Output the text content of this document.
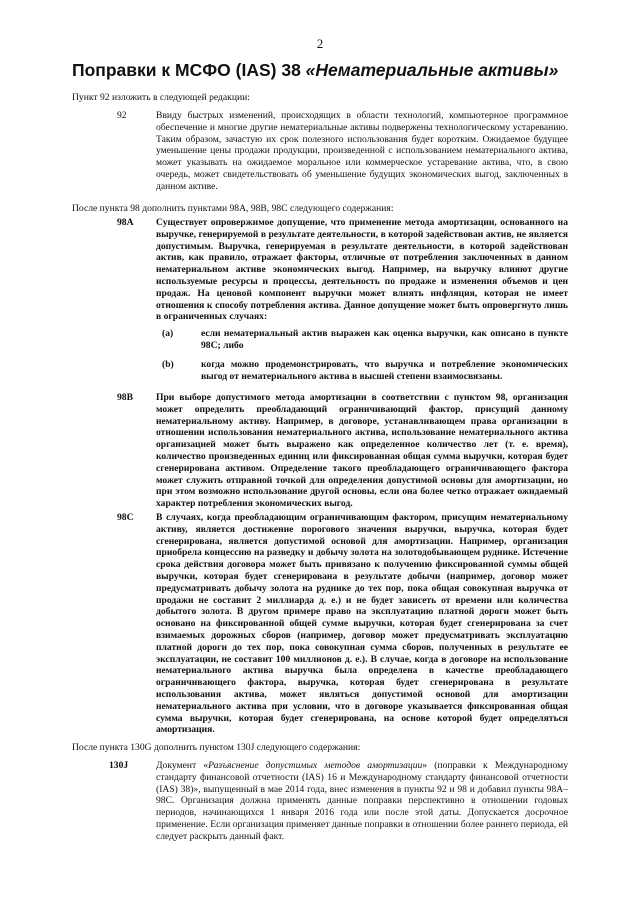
2
Поправки к МСФО (IAS) 38 «Нематериальные активы»
Пункт 92 изложить в следующей редакции:
92	Ввиду быстрых изменений, происходящих в области технологий, компьютерное программное обеспечение и многие другие нематериальные активы подвержены технологическому устареванию. Таким образом, зачастую их срок полезного использования будет коротким. Ожидаемое будущее уменьшение цены продажи продукции, произведенной с использованием нематериального актива, может указывать на ожидаемое моральное или коммерческое устаревание актива, что, в свою очередь, может свидетельствовать об уменьшение будущих экономических выгод, заключенных в данном активе.
После пункта 98 дополнить пунктами 98A, 98B, 98C следующего содержания:
98A Существует опровержимое допущение, что применение метода амортизации, основанного на выручке, генерируемой в результате деятельности, в которой задействован актив, не является допустимым. Выручка, генерируемая в результате деятельности, в которой задействован актив, как правило, отражает факторы, отличные от потребления заключенных в данном нематериальном активе экономических выгод. Например, на выручку влияют другие используемые ресурсы и процессы, деятельность по продаже и изменения объемов и цен продаж. На ценовой компонент выручки может влиять инфляция, которая не имеет отношения к способу потребления актива. Данное допущение может быть опровергнуто лишь в ограниченных случаях:
(a)	если нематериальный актив выражен как оценка выручки, как описано в пункте 98C; либо
(b)	когда можно продемонстрировать, что выручка и потребление экономических выгод от нематериального актива в высшей степени взаимосвязаны.
98B При выборе допустимого метода амортизации в соответствии с пунктом 98, организация может определить преобладающий ограничивающий фактор, присущий данному нематериальному активу. Например, в договоре, устанавливающем права организации в отношении использования нематериального актива, использование нематериального актива организацией может быть выражено как определенное количество лет (т. е. время), количество произведенных единиц или фиксированная общая сумма выручки, которая будет сгенерирована активом. Определение такого преобладающего ограничивающего фактора может служить отправной точкой для определения допустимой основы для амортизации, но при этом возможно использование другой основы, если она более четко отражает ожидаемый характер потребления экономических выгод.
98C В случаях, когда преобладающим ограничивающим фактором, присущим нематериальному активу, является достижение порогового значения выручки, выручка, которая будет сгенерирована, является допустимой основой для амортизации. Например, организация приобрела концессию на разведку и добычу золота на золотодобывающем руднике. Истечение срока действия договора может быть привязано к получению фиксированной суммы общей выручки, которая будет сгенерирована в результате добычи (например, договор может предусматривать добычу золота на руднике до тех пор, пока общая совокупная выручка от продажи не составит 2 миллиарда д. е.) и не будет зависеть от времени или количества добытого золота. В другом примере право на эксплуатацию платной дороги может быть основано на фиксированной общей сумме выручки, которая будет сгенерирована за счет взимаемых дорожных сборов (например, договор может предусматривать эксплуатацию платной дороги до тех пор, пока совокупная сумма сборов, полученных в результате ее эксплуатации, не составит 100 миллионов д. е.). В случае, когда в договоре на использование нематериального актива выручка была определена в качестве преобладающего ограничивающего фактора, выручка, которая будет сгенерирована в результате использования актива, может являться допустимой основой для амортизации нематериального актива при условии, что в договоре указывается фиксированная общая сумма выручки, которая будет сгенерирована, на основе которой будет определяться амортизация.
После пункта 130G дополнить пунктом 130J следующего содержания:
130J	Документ «Разъяснение допустимых методов амортизации» (поправки к Международному стандарту финансовой отчетности (IAS) 16 и Международному стандарту финансовой отчетности (IAS) 38)», выпущенный в мае 2014 года, внес изменения в пункты 92 и 98 и добавил пункты 98A–98C. Организация должна применять данные поправки перспективно в отношении годовых периодов, начинающихся 1 января 2016 года или после этой даты. Допускается досрочное применение. Если организация применяет данные поправки в отношении более раннего периода, ей следует раскрыть данный факт.
